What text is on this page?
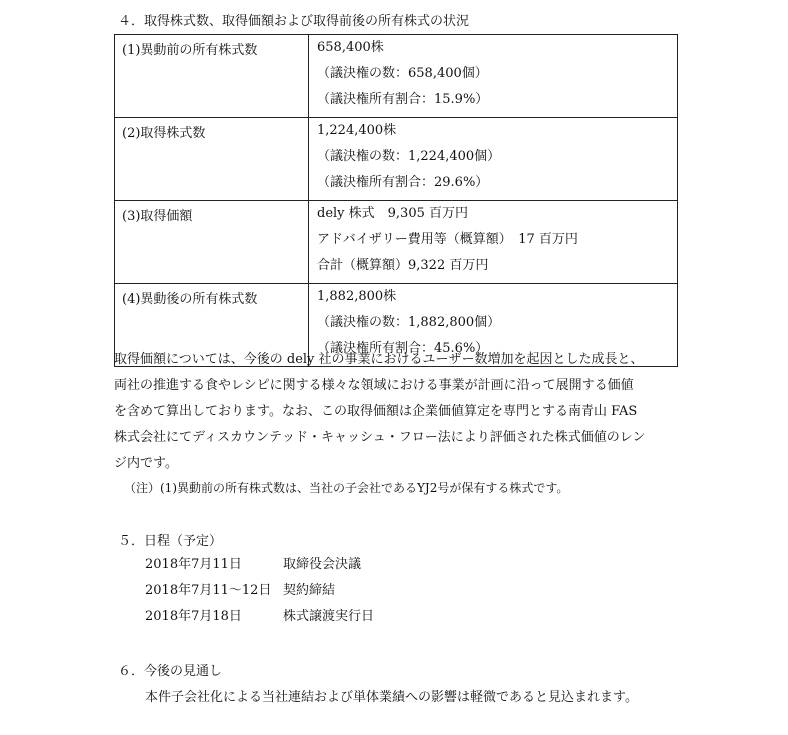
４．取得株式数、取得価額および取得前後の所有株式の状況
(1)異動前の所有株式数	658,400株
（議決権の数：658,400個）
（議決権所有割合：15.9%）

(2)取得株式数	1,224,400株
（議決権の数：1,224,400個）
（議決権所有割合：29.6%）

(3)取得価額	dely 株式　9,305 百万円
アドバイザリー費用等（概算額）　17 百万円
合計（概算額）9,322 百万円

(4)異動後の所有株式数	1,882,800株
（議決権の数：1,882,800個）
（議決権所有割合：45.6%）
取得価額については、今後の dely 社の事業におけるユーザー数増加を起因とした成長と、
両社の推進する食やレシピに関する様々な領域における事業が計画に沿って展開する価値
を含めて算出しております。なお、この取得価額は企業価値算定を専門とする南青山 FAS
株式会社にてディスカウンテッド・キャッシュ・フロー法により評価された株式価値のレン
ジ内です。
（注）(1)異動前の所有株式数は、当社の子会社であるYJ2号が保有する株式です。
５．日程（予定）
2018年7月11日	取締役会決議
2018年7月11〜12日 契約締結
2018年7月18日	株式譲渡実行日
６．今後の見通し
本件子会社化による当社連結および単体業績への影響は軽微であると見込まれます。
